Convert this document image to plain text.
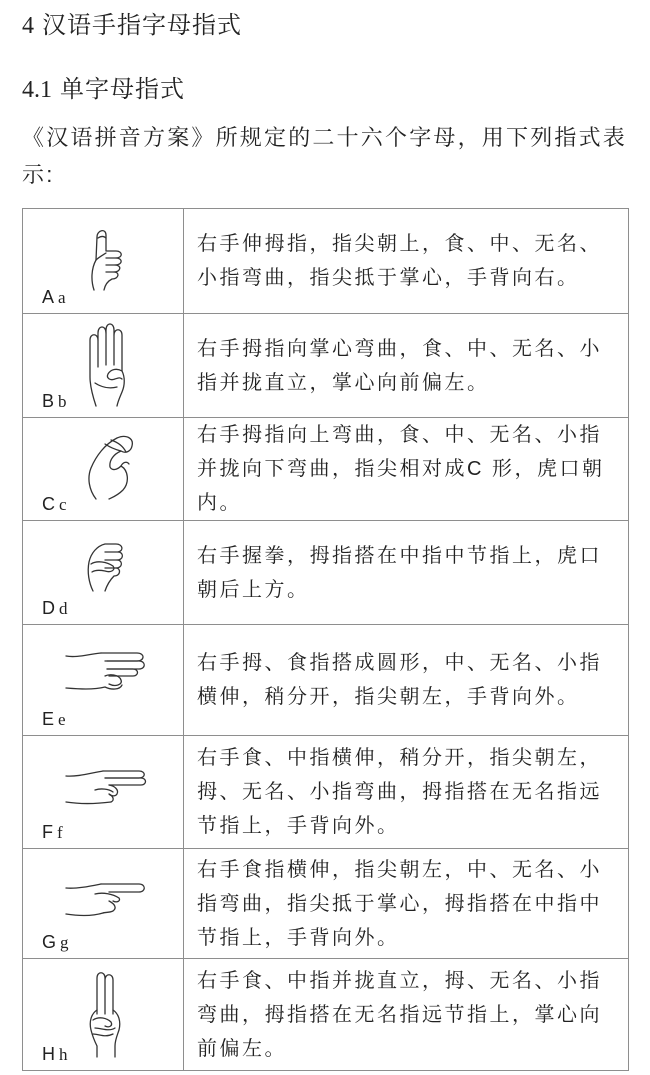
4 汉语手指字母指式
4.1 单字母指式
《汉语拼音方案》所规定的二十六个字母，用下列指式表
示:
A a
右手伸拇指，指尖朝上，食、中、无名、
小指弯曲，指尖抵于掌心，手背向右。
B b
右手拇指向掌心弯曲，食、中、无名、小
指并拢直立，掌心向前偏左。
C c
右手拇指向上弯曲，食、中、无名、小指
并拢向下弯曲，指尖相对成C 形，虎口朝
内。
D d
右手握拳，拇指搭在中指中节指上，虎口
朝后上方。
E e
右手拇、食指搭成圆形，中、无名、小指
横伸，稍分开，指尖朝左，手背向外。
F f
右手食、中指横伸，稍分开，指尖朝左，
拇、无名、小指弯曲，拇指搭在无名指远
节指上，手背向外。
G g
右手食指横伸，指尖朝左，中、无名、小
指弯曲，指尖抵于掌心，拇指搭在中指中
节指上，手背向外。
H h
右手食、中指并拢直立，拇、无名、小指
弯曲，拇指搭在无名指远节指上，掌心向
前偏左。
